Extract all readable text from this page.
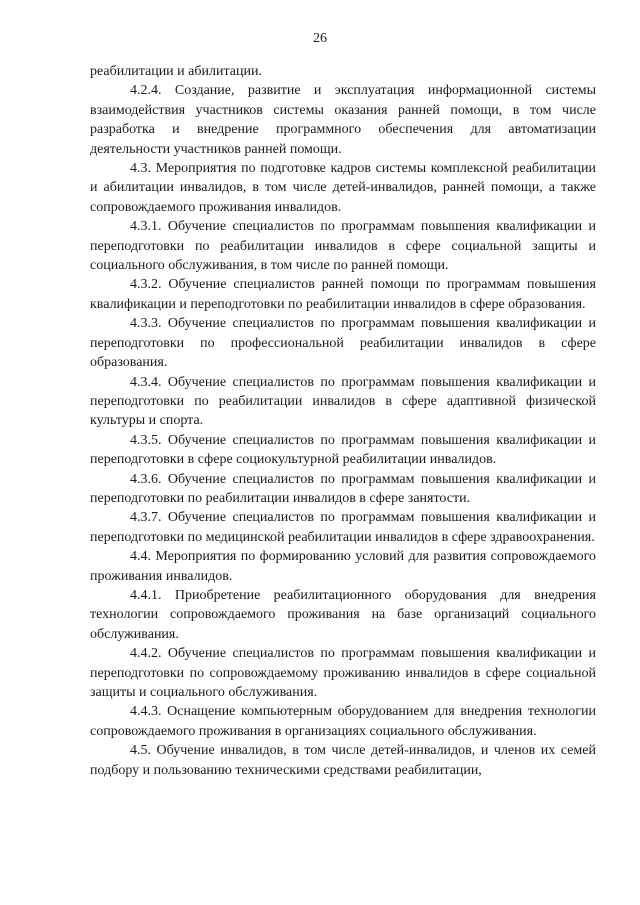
26

реабилитации и абилитации.

4.2.4. Создание, развитие и эксплуатация информационной системы взаимодействия участников системы оказания ранней помощи, в том числе разработка и внедрение программного обеспечения для автоматизации деятельности участников ранней помощи.

4.3. Мероприятия по подготовке кадров системы комплексной реабилитации и абилитации инвалидов, в том числе детей-инвалидов, ранней помощи, а также сопровождаемого проживания инвалидов.

4.3.1. Обучение специалистов по программам повышения квалификации и переподготовки по реабилитации инвалидов в сфере социальной защиты и социального обслуживания, в том числе по ранней помощи.

4.3.2. Обучение специалистов ранней помощи по программам повышения квалификации и переподготовки по реабилитации инвалидов в сфере образования.

4.3.3. Обучение специалистов по программам повышения квалификации и переподготовки по профессиональной реабилитации инвалидов в сфере образования.

4.3.4. Обучение специалистов по программам повышения квалификации и переподготовки по реабилитации инвалидов в сфере адаптивной физической культуры и спорта.

4.3.5. Обучение специалистов по программам повышения квалификации и переподготовки в сфере социокультурной реабилитации инвалидов.

4.3.6. Обучение специалистов по программам повышения квалификации и переподготовки по реабилитации инвалидов в сфере занятости.

4.3.7. Обучение специалистов по программам повышения квалификации и переподготовки по медицинской реабилитации инвалидов в сфере здравоохранения.

4.4. Мероприятия по формированию условий для развития сопровождаемого проживания инвалидов.

4.4.1. Приобретение реабилитационного оборудования для внедрения технологии сопровождаемого проживания на базе организаций социального обслуживания.

4.4.2. Обучение специалистов по программам повышения квалификации и переподготовки по сопровождаемому проживанию инвалидов в сфере социальной защиты и социального обслуживания.

4.4.3. Оснащение компьютерным оборудованием для внедрения технологии сопровождаемого проживания в организациях социального обслуживания.

4.5. Обучение инвалидов, в том числе детей-инвалидов, и членов их семей подбору и пользованию техническими средствами реабилитации,
